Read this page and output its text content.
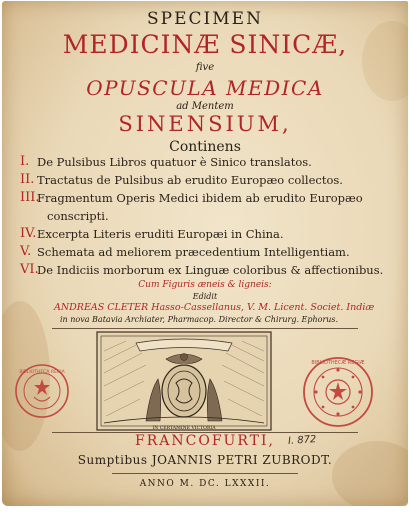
SPECIMEN
MEDICINÆ SINICÆ,
five
OPUSCULA MEDICA
ad Mentem
SINENSIUM,
Continens
I. De Pulsibus Libros quatuor è Sinico translatos.
II. Tractatus de Pulsibus ab erudito Europæo collectos.
III.
Fragmentum Operis Medici ibidem ab erudito Europæo
conscripti.
IV. Excerpta Literis eruditi Europæi in China.
V. Schemata ad meliorem præcedentium Intelligentiam.
VI.
De Indiciis morborum ex Linguæ coloribus & affectionibus.
Cum Figuris æneis & ligneis:
Edidit
ANDREAS CLETER Hasso-Cassellanus, V. M. Licent. Societ. Indiæ
in nova Batavia Archiater, Pharmacop. Director & Chirurg. Ephorus.
IN CERTAMINE VICTORIA
BIBLIOTHECA REGIA
BIBLIOTHECÆ REGIÆ
FRANCOFURTI,	I. 872
Sumptibus JOANNIS PETRI ZUBRODT.
ANNO M. DC. LXXXII.
